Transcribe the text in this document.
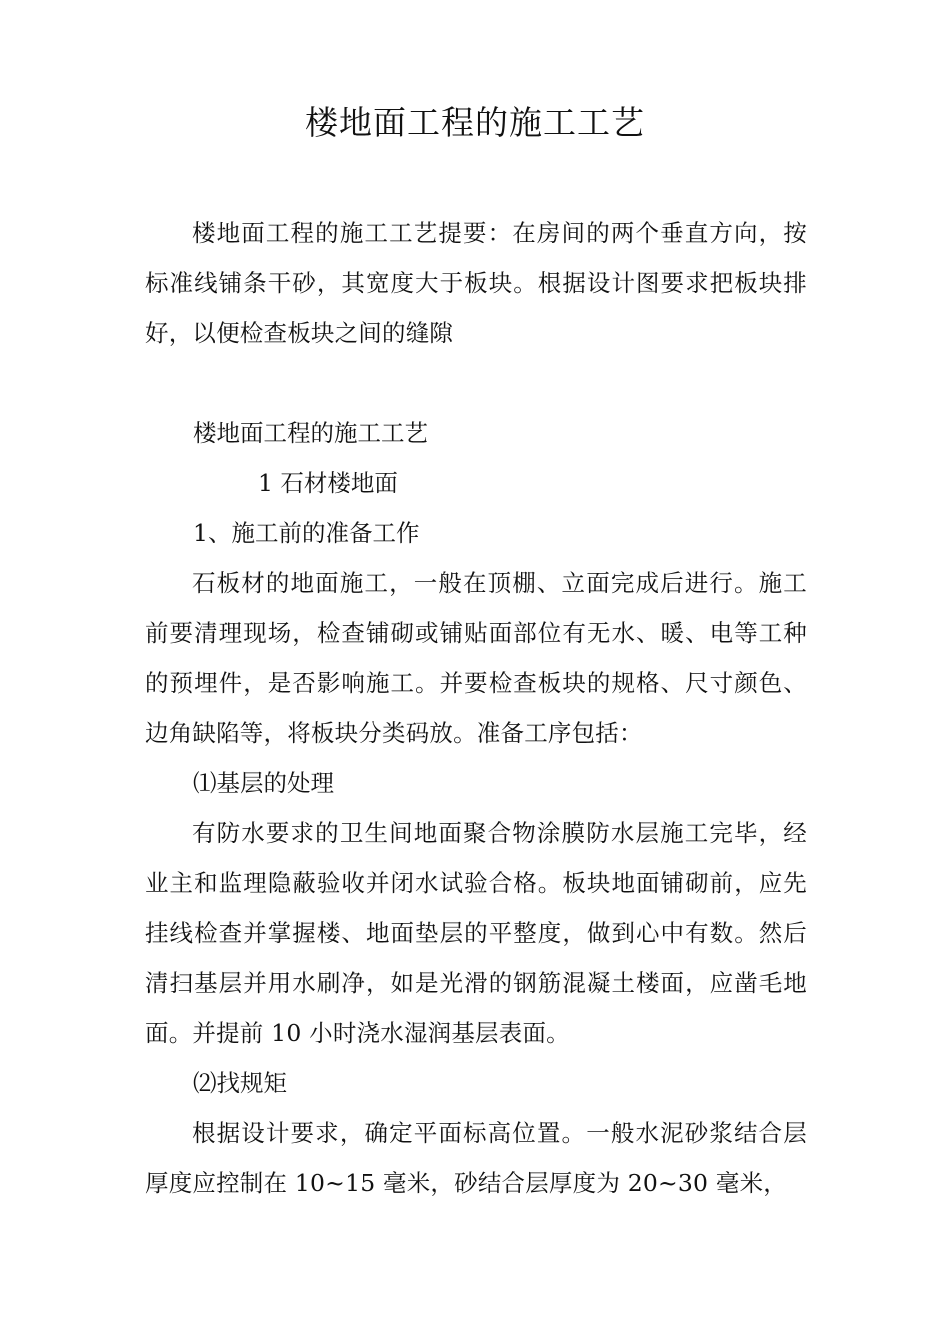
楼地面工程的施工工艺

楼地面工程的施工工艺提要：在房间的两个垂直方向，按标准线铺条干砂，其宽度大于板块。根据设计图要求把板块排好，以便检查板块之间的缝隙

楼地面工程的施工工艺

1 石材楼地面

1、施工前的准备工作

石板材的地面施工，一般在顶棚、立面完成后进行。施工前要清理现场，检查铺砌或铺贴面部位有无水、暖、电等工种的预埋件，是否影响施工。并要检查板块的规格、尺寸颜色、边角缺陷等，将板块分类码放。准备工序包括：

⑴基层的处理

有防水要求的卫生间地面聚合物涂膜防水层施工完毕，经业主和监理隐蔽验收并闭水试验合格。板块地面铺砌前，应先挂线检查并掌握楼、地面垫层的平整度，做到心中有数。然后清扫基层并用水刷净，如是光滑的钢筋混凝土楼面，应凿毛地面。并提前 10 小时浇水湿润基层表面。

⑵找规矩

根据设计要求，确定平面标高位置。一般水泥砂浆结合层厚度应控制在 10~15 毫米，砂结合层厚度为 20~30 毫米，
